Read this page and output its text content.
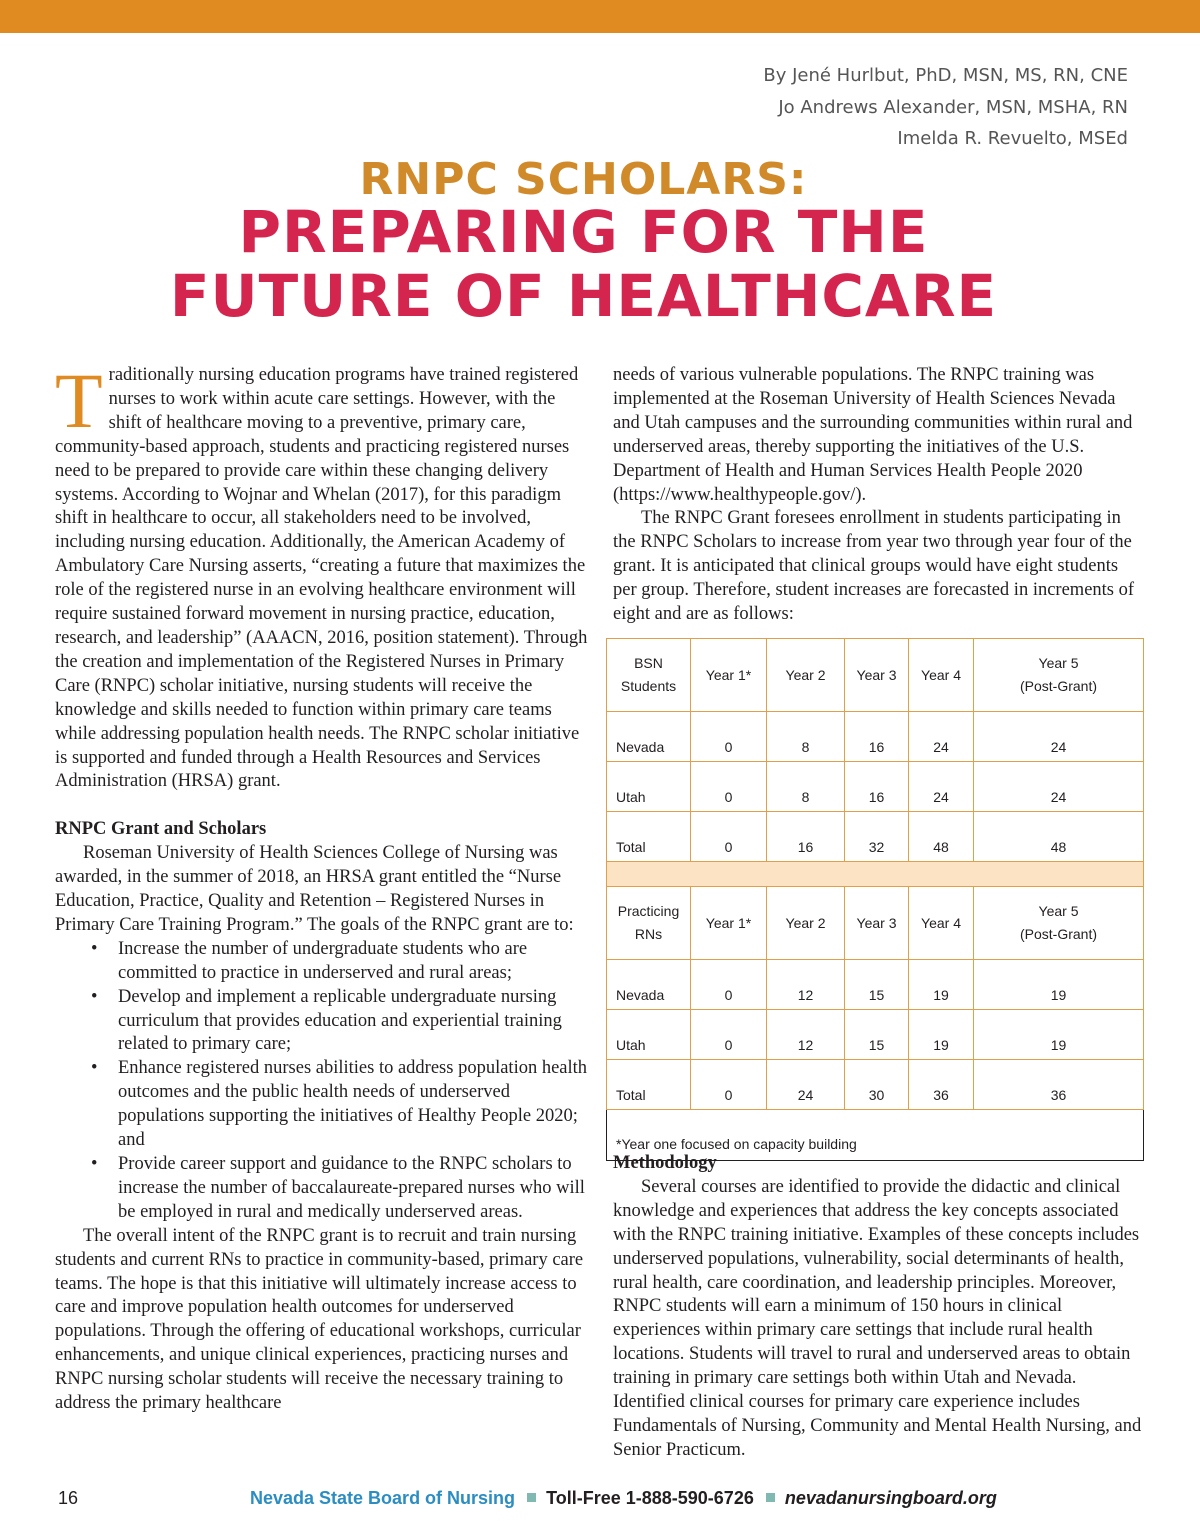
By Jené Hurlbut, PhD, MSN, MS, RN, CNE
Jo Andrews Alexander, MSN, MSHA, RN
Imelda R. Revuelto, MSEd
RNPC SCHOLARS:
PREPARING FOR THE
FUTURE OF HEALTHCARE

Traditionally nursing education programs have trained registered nurses to work within acute care settings. However, with the shift of healthcare moving to a preventive, primary care, community-based approach, students and practicing registered nurses need to be prepared to provide care within these changing delivery systems. According to Wojnar and Whelan (2017), for this paradigm shift in healthcare to occur, all stakeholders need to be involved, including nursing education. Additionally, the American Academy of Ambulatory Care Nursing asserts, “creating a future that maximizes the role of the registered nurse in an evolving healthcare environment will require sustained forward movement in nursing practice, education, research, and leadership” (AAACN, 2016, position statement). Through the creation and implementation of the Registered Nurses in Primary Care (RNPC) scholar initiative, nursing students will receive the knowledge and skills needed to function within primary care teams while addressing population health needs. The RNPC scholar initiative is supported and funded through a Health Resources and Services Administration (HRSA) grant.

RNPC Grant and Scholars

Roseman University of Health Sciences College of Nursing was awarded, in the summer of 2018, an HRSA grant entitled the “Nurse Education, Practice, Quality and Retention – Registered Nurses in Primary Care Training Program.” The goals of the RNPC grant are to:

• Increase the number of undergraduate students who are committed to practice in underserved and rural areas;
• Develop and implement a replicable undergraduate nursing curriculum that provides education and experiential training related to primary care;
• Enhance registered nurses abilities to address population health outcomes and the public health needs of underserved populations supporting the initiatives of Healthy People 2020; and
• Provide career support and guidance to the RNPC scholars to increase the number of baccalaureate-prepared nurses who will be employed in rural and medically underserved areas.

The overall intent of the RNPC grant is to recruit and train nursing students and current RNs to practice in community-based, primary care teams. The hope is that this initiative will ultimately increase access to care and improve population health outcomes for underserved populations. Through the offering of educational workshops, curricular enhancements, and unique clinical experiences, practicing nurses and RNPC nursing scholar students will receive the necessary training to address the primary healthcare

needs of various vulnerable populations. The RNPC training was implemented at the Roseman University of Health Sciences Nevada and Utah campuses and the surrounding communities within rural and underserved areas, thereby supporting the initiatives of the U.S. Department of Health and Human Services Health People 2020 (https://www.healthypeople.gov/).

The RNPC Grant foresees enrollment in students participating in the RNPC Scholars to increase from year two through year four of the grant. It is anticipated that clinical groups would have eight students per group. Therefore, student increases are forecasted in increments of eight and are as follows:

BSN
Students	Year 1*	Year 2	Year 3	Year 4	Year 5
(Post-Grant)
Nevada	0	8	16	24	24
Utah	0	8	16	24	24
Total	0	16	32	48	48

Practicing
RNs	Year 1*	Year 2	Year 3	Year 4	Year 5
(Post-Grant)
Nevada	0	12	15	19	19
Utah	0	12	15	19	19
Total	0	24	30	36	36
*Year one focused on capacity building					

Methodology

Several courses are identified to provide the didactic and clinical knowledge and experiences that address the key concepts associated with the RNPC training initiative. Examples of these concepts includes underserved populations, vulnerability, social determinants of health, rural health, care coordination, and leadership principles. Moreover, RNPC students will earn a minimum of 150 hours in clinical experiences within primary care settings that include rural health locations. Students will travel to rural and underserved areas to obtain training in primary care settings both within Utah and Nevada. Identified clinical courses for primary care experience includes Fundamentals of Nursing, Community and Mental Health Nursing, and Senior Practicum.

16	Nevada State Board of Nursing Toll-Free 1-888-590-6726 nevadanursingboard.org
